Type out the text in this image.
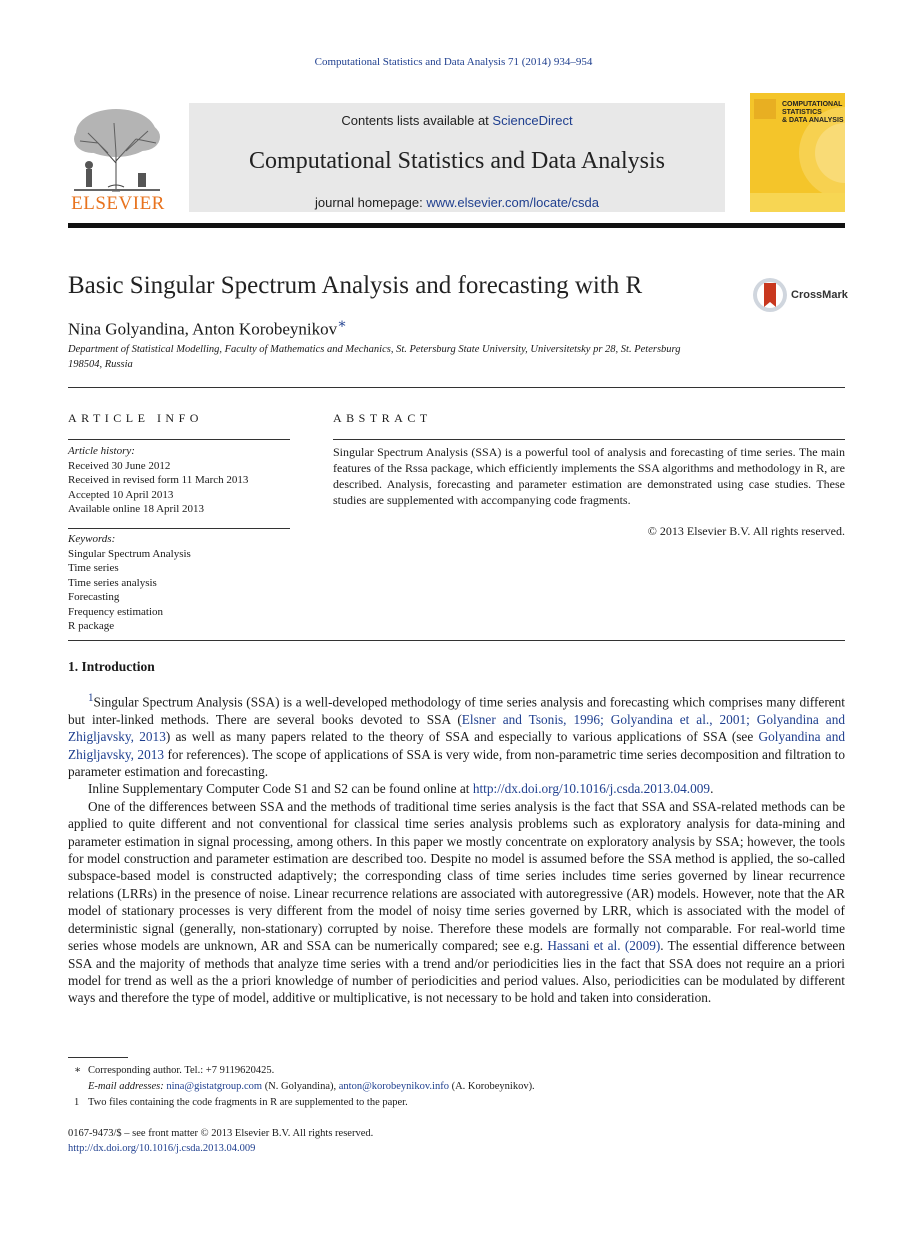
Computational Statistics and Data Analysis 71 (2014) 934–954
ELSEVIER
Contents lists available at ScienceDirect
Computational Statistics and Data Analysis
journal homepage: www.elsevier.com/locate/csda
COMPUTATIONAL
STATISTICS
& DATA ANALYSIS
Basic Singular Spectrum Analysis and forecasting with R	CrossMark
Nina Golyandina, Anton Korobeynikov∗
Department of Statistical Modelling, Faculty of Mathematics and Mechanics, St. Petersburg State University, Universitetsky pr 28, St. Petersburg 198504, Russia
ARTICLE INFO	ABSTRACT
Article history:
Received 30 June 2012
Received in revised form 11 March 2013
Accepted 10 April 2013
Available online 18 April 2013
Keywords:
Singular Spectrum Analysis
Time series
Time series analysis
Forecasting
Frequency estimation
R package
Singular Spectrum Analysis (SSA) is a powerful tool of analysis and forecasting of time series. The main features of the Rssa package, which efficiently implements the SSA algorithms and methodology in R, are described. Analysis, forecasting and parameter estimation are demonstrated using case studies. These studies are supplemented with accompanying code fragments.
© 2013 Elsevier B.V. All rights reserved.
1. Introduction

$^1$Singular Spectrum Analysis (SSA) is a well-developed methodology of time series analysis and forecasting which comprises many different but inter-linked methods. There are several books devoted to SSA (Elsner and Tsonis, 1996; Golyandina et al., 2001; Golyandina and Zhigljavsky, 2013) as well as many papers related to the theory of SSA and especially to various applications of SSA (see Golyandina and Zhigljavsky, 2013 for references). The scope of applications of SSA is very wide, from non-parametric time series decomposition and filtration to parameter estimation and forecasting.

Inline Supplementary Computer Code S1 and S2 can be found online at http://dx.doi.org/10.1016/j.csda.2013.04.009.

One of the differences between SSA and the methods of traditional time series analysis is the fact that SSA and SSA-related methods can be applied to quite different and not conventional for classical time series analysis problems such as exploratory analysis for data-mining and parameter estimation in signal processing, among others. In this paper we mostly concentrate on exploratory analysis by SSA; however, the tools for model construction and parameter estimation are described too. Despite no model is assumed before the SSA method is applied, the so-called subspace-based model is constructed adaptively; the corresponding class of time series includes time series governed by linear recurrence relations (LRRs) in the presence of noise. Linear recurrence relations are associated with autoregressive (AR) models. However, note that the AR model of stationary processes is very different from the model of noisy time series governed by LRR, which is associated with the model of deterministic signal (generally, non-stationary) corrupted by noise. Therefore these models are formally not comparable. For real-world time series whose models are unknown, AR and SSA can be numerically compared; see e.g. Hassani et al. (2009). The essential difference between SSA and the majority of methods that analyze time series with a trend and/or periodicities lies in the fact that SSA does not require an a priori model for trend as well as the a priori knowledge of number of periodicities and period values. Also, periodicities can be modulated by different ways and therefore the type of model, additive or multiplicative, is not necessary to be hold and taken into consideration.

∗ Corresponding author. Tel.: +7 9119620425.
E-mail addresses: nina@gistatgroup.com (N. Golyandina), anton@korobeynikov.info (A. Korobeynikov).
1 Two files containing the code fragments in R are supplemented to the paper.
0167-9473/$ – see front matter © 2013 Elsevier B.V. All rights reserved.
http://dx.doi.org/10.1016/j.csda.2013.04.009
